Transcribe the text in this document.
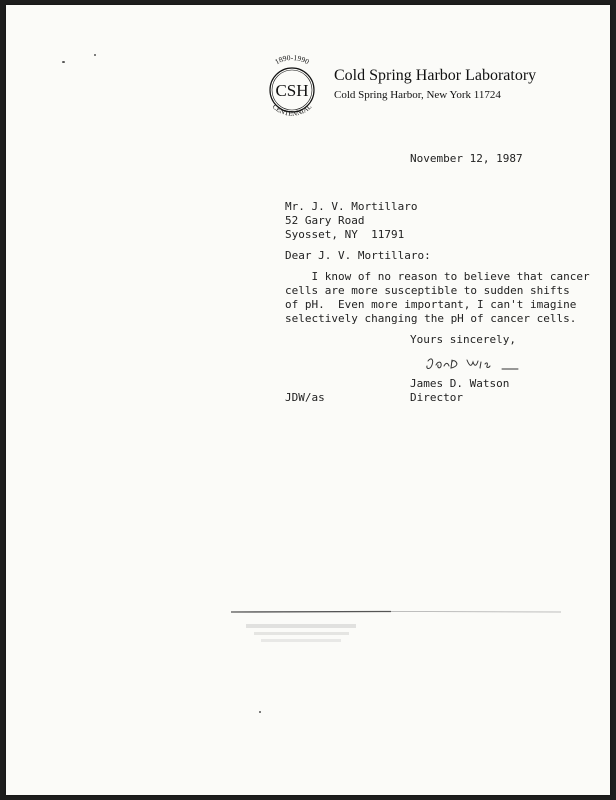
1890-1990
CSH
CENTENNIAL
Cold Spring Harbor Laboratory
Cold Spring Harbor, New York 11724
November 12, 1987
Mr. J. V. Mortillaro
52 Gary Road
Syosset, NY  11791
Dear J. V. Mortillaro:
I know of no reason to believe that cancer
cells are more susceptible to sudden shifts
of pH.  Even more important, I can't imagine
selectively changing the pH of cancer cells.
Yours sincerely,
James D. Watson
JDW/as	Director
